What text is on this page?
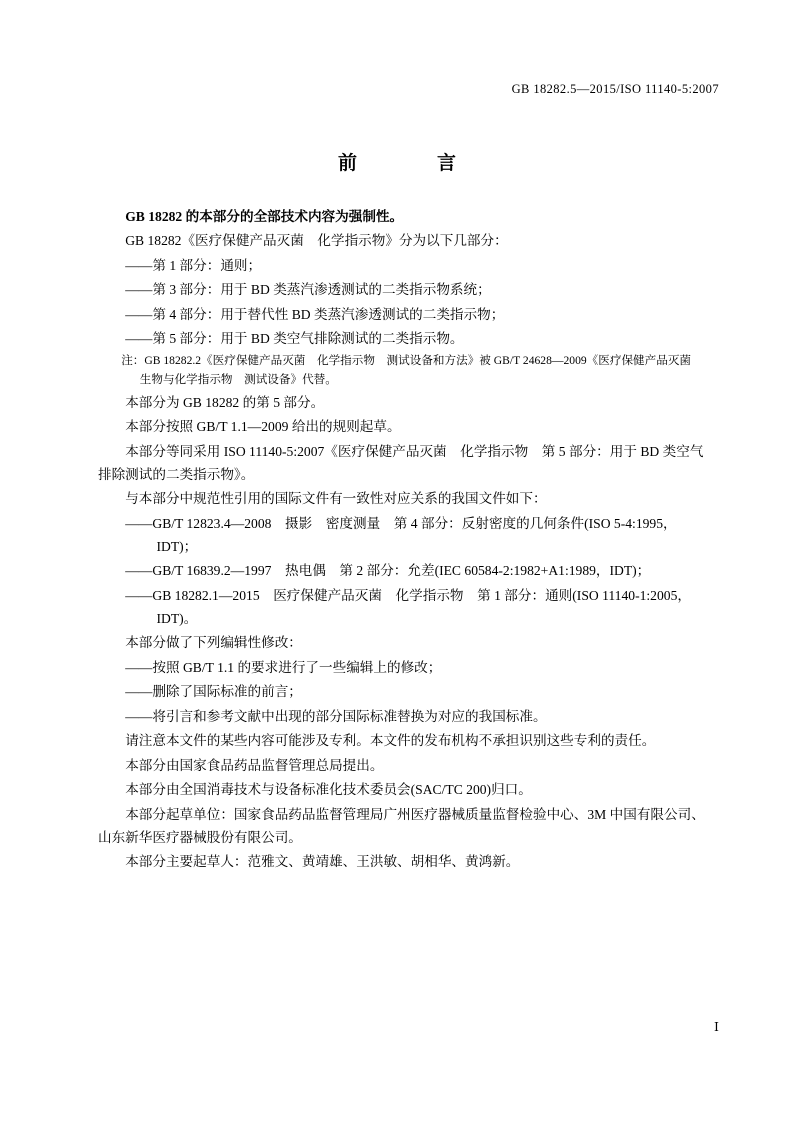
GB 18282.5—2015/ISO 11140-5:2007
前　　言

GB 18282 的本部分的全部技术内容为强制性。

GB 18282《医疗保健产品灭菌　化学指示物》分为以下几部分：

——第 1 部分：通则；

——第 3 部分：用于 BD 类蒸汽渗透测试的二类指示物系统；

——第 4 部分：用于替代性 BD 类蒸汽渗透测试的二类指示物；

——第 5 部分：用于 BD 类空气排除测试的二类指示物。

注：GB 18282.2《医疗保健产品灭菌　化学指示物　测试设备和方法》被 GB/T 24628—2009《医疗保健产品灭菌
生物与化学指示物　测试设备》代替。

本部分为 GB 18282 的第 5 部分。

本部分按照 GB/T 1.1—2009 给出的规则起草。

本部分等同采用 ISO 11140-5:2007《医疗保健产品灭菌　化学指示物　第 5 部分：用于 BD 类空气
排除测试的二类指示物》。

与本部分中规范性引用的国际文件有一致性对应关系的我国文件如下：

——GB/T 12823.4—2008　摄影　密度测量　第 4 部分：反射密度的几何条件(ISO 5-4:1995，
IDT)；

——GB/T 16839.2—1997　热电偶　第 2 部分：允差(IEC 60584-2:1982+A1:1989，IDT)；

——GB 18282.1—2015　医疗保健产品灭菌　化学指示物　第 1 部分：通则(ISO 11140-1:2005，
IDT)。

本部分做了下列编辑性修改：

——按照 GB/T 1.1 的要求进行了一些编辑上的修改；

——删除了国际标准的前言；

——将引言和参考文献中出现的部分国际标准替换为对应的我国标准。

请注意本文件的某些内容可能涉及专利。本文件的发布机构不承担识别这些专利的责任。

本部分由国家食品药品监督管理总局提出。

本部分由全国消毒技术与设备标准化技术委员会(SAC/TC 200)归口。

本部分起草单位：国家食品药品监督管理局广州医疗器械质量监督检验中心、3M 中国有限公司、
山东新华医疗器械股份有限公司。

本部分主要起草人：范雅文、黄靖雄、王洪敏、胡相华、黄鸿新。

Ⅰ
